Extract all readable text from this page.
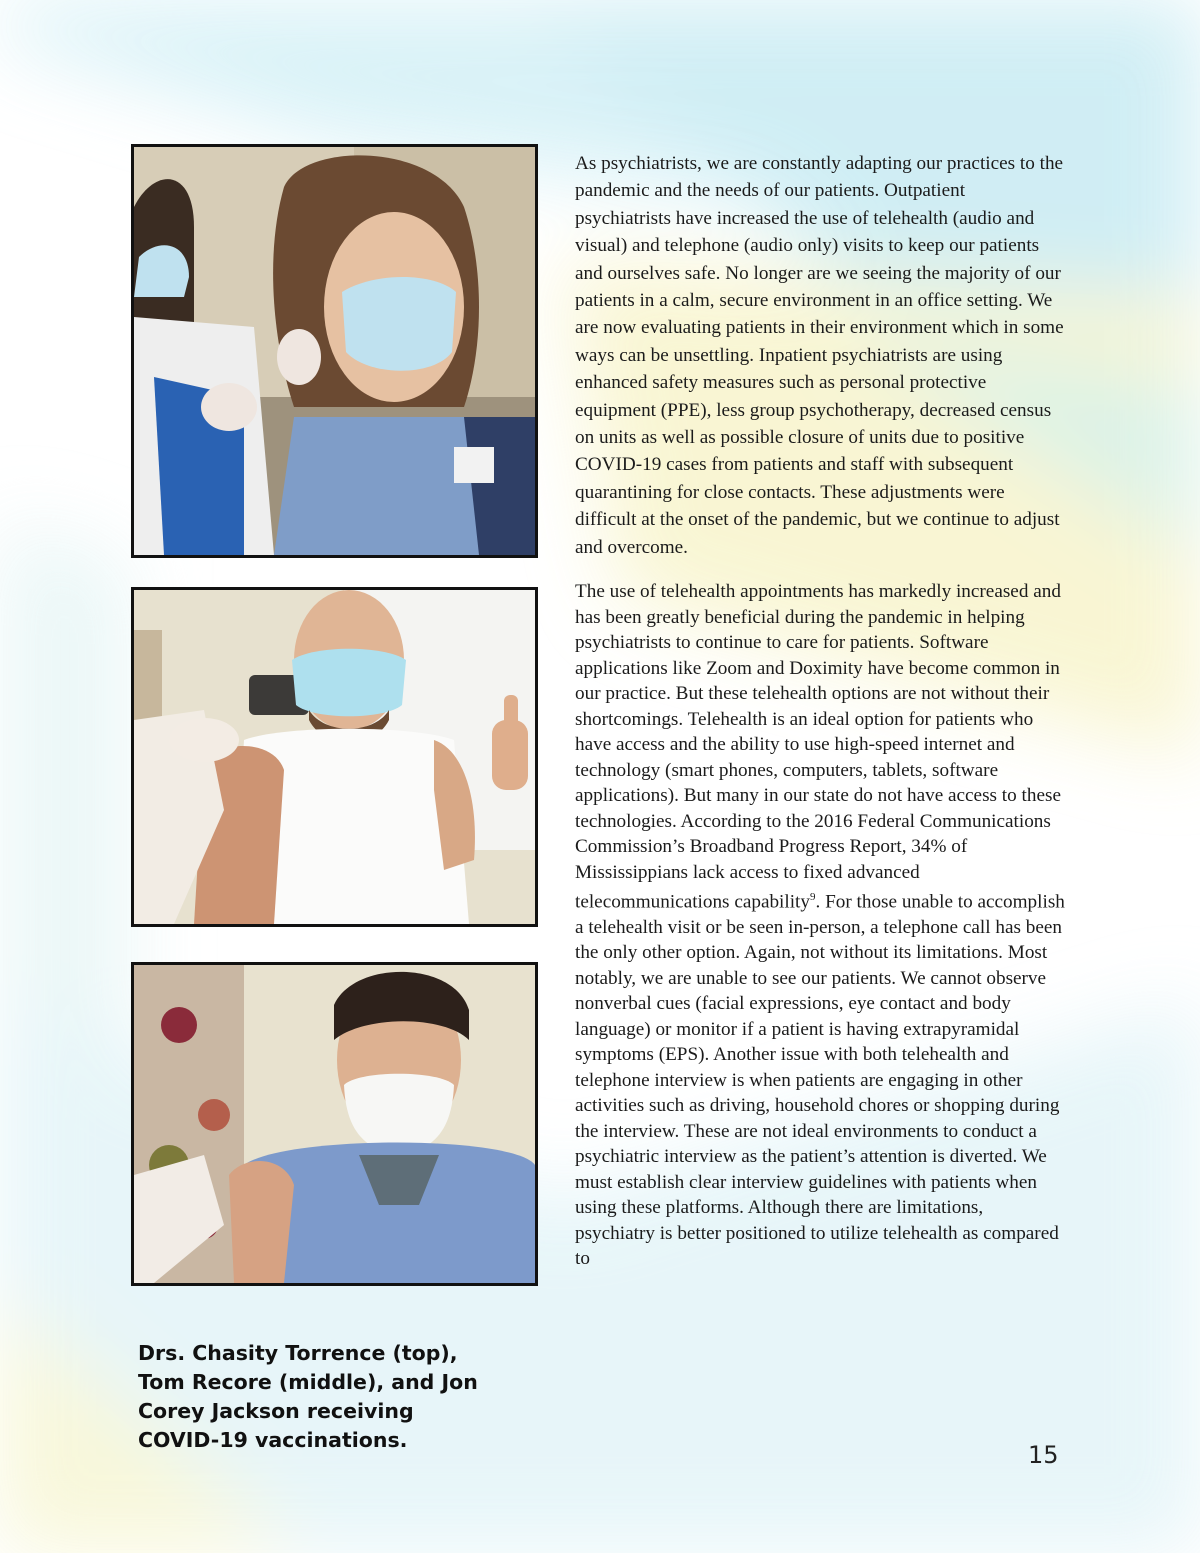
Drs. Chasity Torrence (top), Tom Recore (middle), and Jon Corey Jackson receiving COVID-19 vaccinations.

As psychiatrists, we are constantly adapting our practices to the pandemic and the needs of our patients. Outpatient psychiatrists have increased the use of telehealth (audio and visual) and telephone (audio only) visits to keep our patients and ourselves safe. No longer are we seeing the majority of our patients in a calm, secure environment in an office setting. We are now evaluating patients in their environment which in some ways can be unsettling. Inpatient psychiatrists are using enhanced safety measures such as personal protective equipment (PPE), less group psychotherapy, decreased census on units as well as possible closure of units due to positive COVID-19 cases from patients and staff with subsequent quarantining for close contacts. These adjustments were difficult at the onset of the pandemic, but we continue to adjust and overcome.

The use of telehealth appointments has markedly increased and has been greatly beneficial during the pandemic in helping psychiatrists to continue to care for patients. Software applications like Zoom and Doximity have become common in our practice. But these telehealth options are not without their shortcomings. Telehealth is an ideal option for patients who have access and the ability to use high-speed internet and technology (smart phones, computers, tablets, software applications). But many in our state do not have access to these technologies. According to the 2016 Federal Communications Commission’s Broadband Progress Report, 34% of Mississippians lack access to fixed advanced telecommunications capability$^9$. For those unable to accomplish a telehealth visit or be seen in-person, a telephone call has been the only other option. Again, not without its limitations. Most notably, we are unable to see our patients. We cannot observe nonverbal cues (facial expressions, eye contact and body language) or monitor if a patient is having extrapyramidal symptoms (EPS). Another issue with both telehealth and telephone interview is when patients are engaging in other activities such as driving, household chores or shopping during the interview. These are not ideal environments to conduct a psychiatric interview as the patient’s attention is diverted. We must establish clear interview guidelines with patients when using these platforms. Although there are limitations, psychiatry is better positioned to utilize telehealth as compared to

15
